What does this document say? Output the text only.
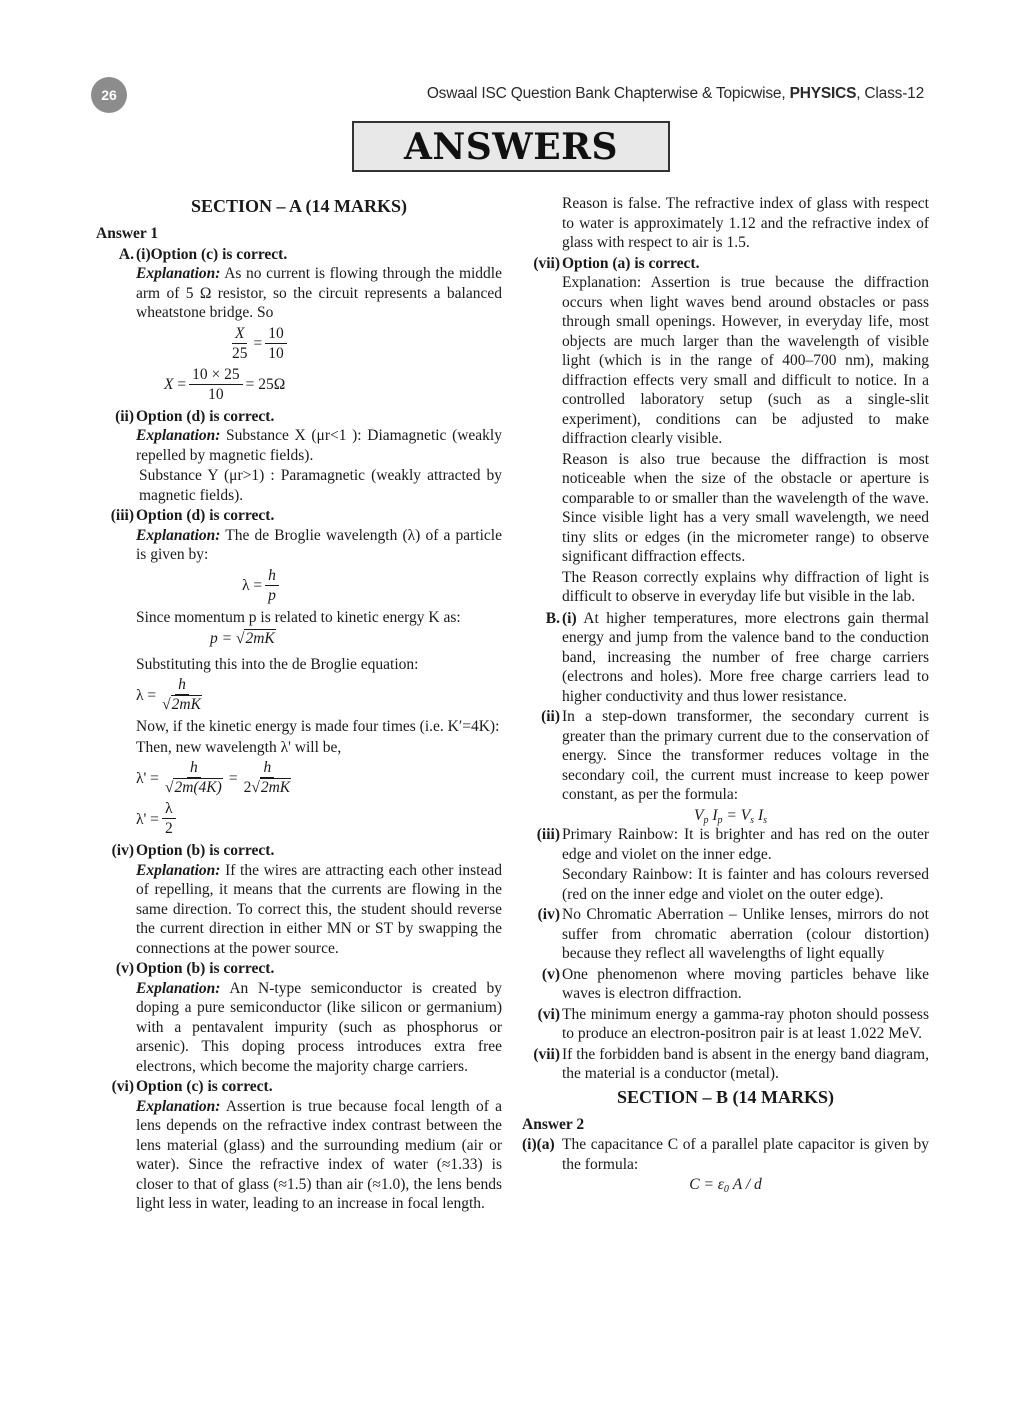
26	Oswaal ISC Question Bank Chapterwise & Topicwise, PHYSICS, Class-12
ANSWERS
SECTION – A (14 MARKS)
Answer 1
A. (i)Option (c) is correct.
Explanation: As no current is flowing through the middle arm of 5 Ω resistor, so the circuit represents a balanced wheatstone bridge. So
$\frac{X}{25} = \frac{10}{10}$
X
= $\frac{10 \times 25}{10} = 25\Omega$
(ii) Option (d) is correct.
Explanation: Substance X (μr<1 ): Diamagnetic (weakly repelled by magnetic fields).
Substance Y (μr>1) : Paramagnetic (weakly attracted by magnetic fields).
(iii) Option (d) is correct.
Explanation: The de Broglie wavelength (λ) of a particle is given by:
$\lambda = \frac{h}{p}$
Since momentum p is related to kinetic energy K as:
p =
√2mK
Substituting this into the de Broglie equation:
$\lambda = \frac{h}{√2mK}$
Now, if the kinetic energy is made four times (i.e. K′=4K):
Then, new wavelength λ' will be,
$\lambda' = \frac{h}{√2m(4K)} = \frac{h}{2√2mK}$
$\lambda' = \frac{\lambda}{2}$
(iv) Option (b) is correct.
Explanation: If the wires are attracting each other instead of repelling, it means that the currents are flowing in the same direction. To correct this, the student should reverse the current direction in either MN or ST by swapping the connections at the power source.
(v) Option (b) is correct.
Explanation: An N-type semiconductor is created by doping a pure semiconductor (like silicon or germanium) with a pentavalent impurity (such as phosphorus or arsenic). This doping process introduces extra free electrons, which become the majority charge carriers.
(vi) Option (c) is correct.
Explanation: Assertion is true because focal length of a lens depends on the refractive index contrast between the lens material (glass) and the surrounding medium (air or water). Since the refractive index of water (≈1.33) is closer to that of glass (≈1.5) than air (≈1.0), the lens bends light less in water, leading to an increase in focal length.
Reason is false. The refractive index of glass with respect to water is approximately 1.12 and the refractive index of glass with respect to air is 1.5.
(vii) Option (a) is correct.
Explanation: Assertion is true because the diffraction occurs when light waves bend around obstacles or pass through small openings. However, in everyday life, most objects are much larger than the wavelength of visible light (which is in the range of 400–700 nm), making diffraction effects very small and difficult to notice. In a controlled laboratory setup (such as a single-slit experiment), conditions can be adjusted to make diffraction clearly visible.
Reason is also true because the diffraction is most noticeable when the size of the obstacle or aperture is comparable to or smaller than the wavelength of the wave. Since visible light has a very small wavelength, we need tiny slits or edges (in the micrometer range) to observe significant diffraction effects.
The Reason correctly explains why diffraction of light is difficult to observe in everyday life but visible in the lab.
B. (i) At higher temperatures, more electrons gain thermal energy and jump from the valence band to the conduction band, increasing the number of free charge carriers (electrons and holes). More free charge carriers lead to higher conductivity and thus lower resistance.
(ii) In a step-down transformer, the secondary current is greater than the primary current due to the conservation of energy. Since the transformer reduces voltage in the secondary coil, the current must increase to keep power constant, as per the formula:
$V_p$ $I_p = V_s$ $I_s$
(iii) Primary Rainbow: It is brighter and has red on the outer edge and violet on the inner edge.
Secondary Rainbow: It is fainter and has colours reversed (red on the inner edge and violet on the outer edge).
(iv) No Chromatic Aberration – Unlike lenses, mirrors do not suffer from chromatic aberration (colour distortion) because they reflect all wavelengths of light equally
(v) One phenomenon where moving particles behave like waves is electron diffraction.
(vi) The minimum energy a gamma-ray photon should possess to produce an electron-positron pair is at least 1.022 MeV.
(vii) If the forbidden band is absent in the energy band diagram, the material is a conductor (metal).
SECTION – B (14 MARKS)
Answer 2
(i)(a) The capacitance C of a parallel plate capacitor is given by the formula:
$C = \varepsilon_0$ A / d
